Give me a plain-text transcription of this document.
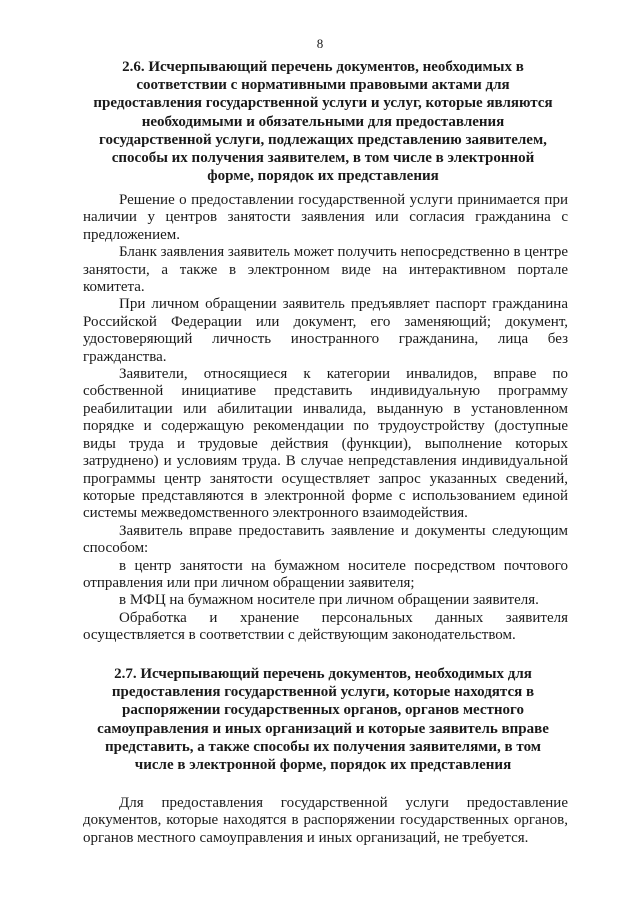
8
2.6. Исчерпывающий перечень документов, необходимых в соответствии с нормативными правовыми актами для предоставления государственной услуги и услуг, которые являются необходимыми и обязательными для предоставления государственной услуги, подлежащих представлению заявителем, способы их получения заявителем, в том числе в электронной форме, порядок их представления

Решение о предоставлении государственной услуги принимается при наличии у центров занятости заявления или согласия гражданина с предложением.

Бланк заявления заявитель может получить непосредственно в центре занятости, а также в электронном виде на интерактивном портале комитета.

При личном обращении заявитель предъявляет паспорт гражданина Российской Федерации или документ, его заменяющий; документ, удостоверяющий личность иностранного гражданина, лица без гражданства.

Заявители, относящиеся к категории инвалидов, вправе по собственной инициативе представить индивидуальную программу реабилитации или абилитации инвалида, выданную в установленном порядке и содержащую рекомендации по трудоустройству (доступные виды труда и трудовые действия (функции), выполнение которых затруднено) и условиям труда. В случае непредставления индивидуальной программы центр занятости осуществляет запрос указанных сведений, которые представляются в электронной форме с использованием единой системы межведомственного электронного взаимодействия.

Заявитель вправе предоставить заявление и документы следующим способом:

в центр занятости на бумажном носителе посредством почтового отправления или при личном обращении заявителя;

в МФЦ на бумажном носителе при личном обращении заявителя.

Обработка и хранение персональных данных заявителя осуществляется в соответствии с действующим законодательством.

2.7. Исчерпывающий перечень документов, необходимых для предоставления государственной услуги, которые находятся в распоряжении государственных органов, органов местного самоуправления и иных организаций и которые заявитель вправе представить, а также способы их получения заявителями, в том числе в электронной форме, порядок их представления

Для предоставления государственной услуги предоставление документов, которые находятся в распоряжении государственных органов, органов местного самоуправления и иных организаций, не требуется.
